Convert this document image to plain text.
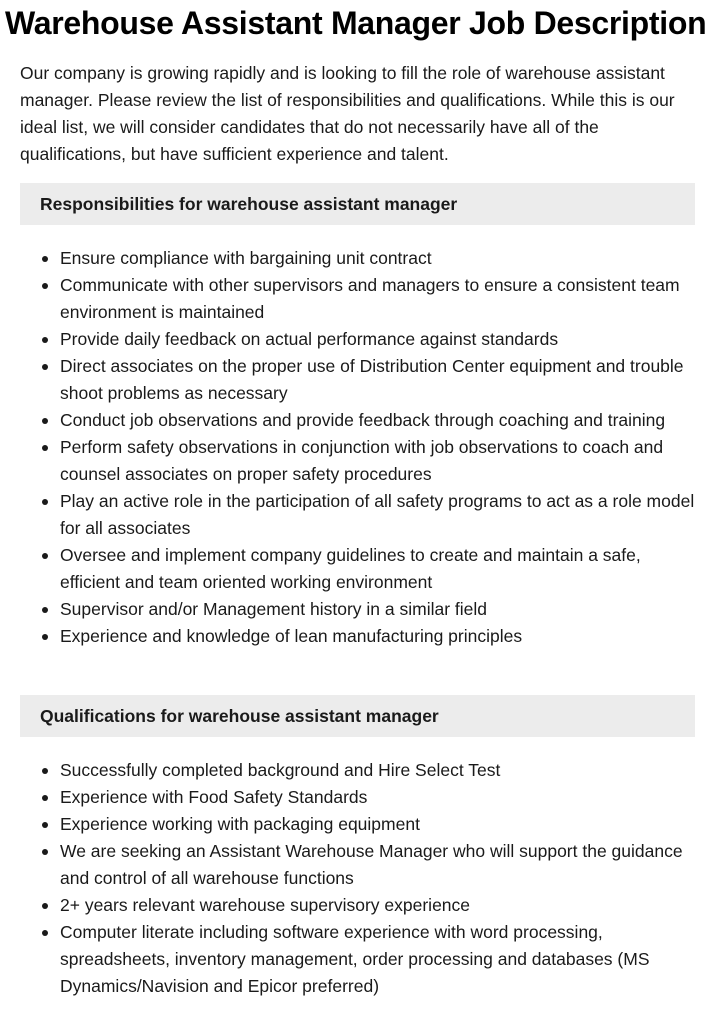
Warehouse Assistant Manager Job Description

Our company is growing rapidly and is looking to fill the role of warehouse assistant manager. Please review the list of responsibilities and qualifications. While this is our ideal list, we will consider candidates that do not necessarily have all of the qualifications, but have sufficient experience and talent.

Responsibilities for warehouse assistant manager
Ensure compliance with bargaining unit contract
Communicate with other supervisors and managers to ensure a consistent team environment is maintained
Provide daily feedback on actual performance against standards
Direct associates on the proper use of Distribution Center equipment and trouble shoot problems as necessary
Conduct job observations and provide feedback through coaching and training
Perform safety observations in conjunction with job observations to coach and counsel associates on proper safety procedures
Play an active role in the participation of all safety programs to act as a role model for all associates
Oversee and implement company guidelines to create and maintain a safe, efficient and team oriented working environment
Supervisor and/or Management history in a similar field
Experience and knowledge of lean manufacturing principles
Qualifications for warehouse assistant manager
Successfully completed background and Hire Select Test
Experience with Food Safety Standards
Experience working with packaging equipment
We are seeking an Assistant Warehouse Manager who will support the guidance and control of all warehouse functions
2+ years relevant warehouse supervisory experience
Computer literate including software experience with word processing, spreadsheets, inventory management, order processing and databases (MS Dynamics/Navision and Epicor preferred)
